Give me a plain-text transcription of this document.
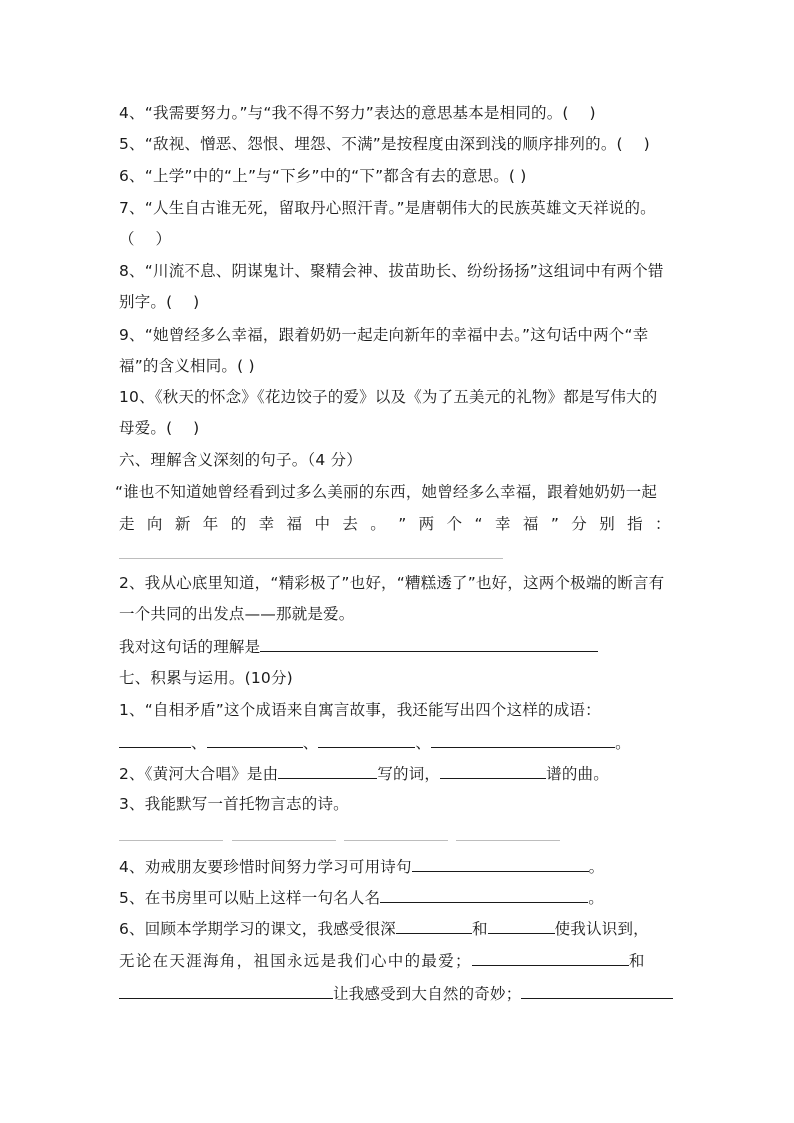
4、“我需要努力。”与“我不得不努力”表达的意思基本是相同的。(　 )
5、“敌视、憎恶、怨恨、埋怨、不满”是按程度由深到浅的顺序排列的。(　 )
6、“上学”中的“上”与“下乡”中的“下”都含有去的意思。( )
7、“人生自古谁无死，留取丹心照汗青。”是唐朝伟大的民族英雄文天祥说的。
（　 ）
8、“川流不息、阴谋鬼计、聚精会神、拔苗助长、纷纷扬扬”这组词中有两个错
别字。(　 )
9、“她曾经多么幸福，跟着奶奶一起走向新年的幸福中去。”这句话中两个“幸
福”的含义相同。( )
10、《秋天的怀念》《花边饺子的爱》以及《为了五美元的礼物》都是写伟大的
母爱。(　 )
六、理解含义深刻的句子。（4 分）
“谁也不知道她曾经看到过多么美丽的东西，她曾经多么幸福，跟着她奶奶一起
走 向 新 年 的 幸 福 中 去 。 ” 两 个 “ 幸 福 ” 分 别 指 ：
2、我从心底里知道，“精彩极了”也好，“糟糕透了”也好，这两个极端的断言有
一个共同的出发点——那就是爱。
我对这句话的理解是
七、积累与运用。(10分)
1、“自相矛盾”这个成语来自寓言故事，我还能写出四个这样的成语：
、	、	、	。
2、《黄河大合唱》是由	写的词，	谱的曲。
3、我能默写一首托物言志的诗。
4、劝戒朋友要珍惜时间努力学习可用诗句	。
5、在书房里可以贴上这样一句名人名	。
6、回顾本学期学习的课文，我感受很深	和	使我认识到，
无论在天涯海角，祖国永远是我们心中的最爱；	和
让我感受到大自然的奇妙；
